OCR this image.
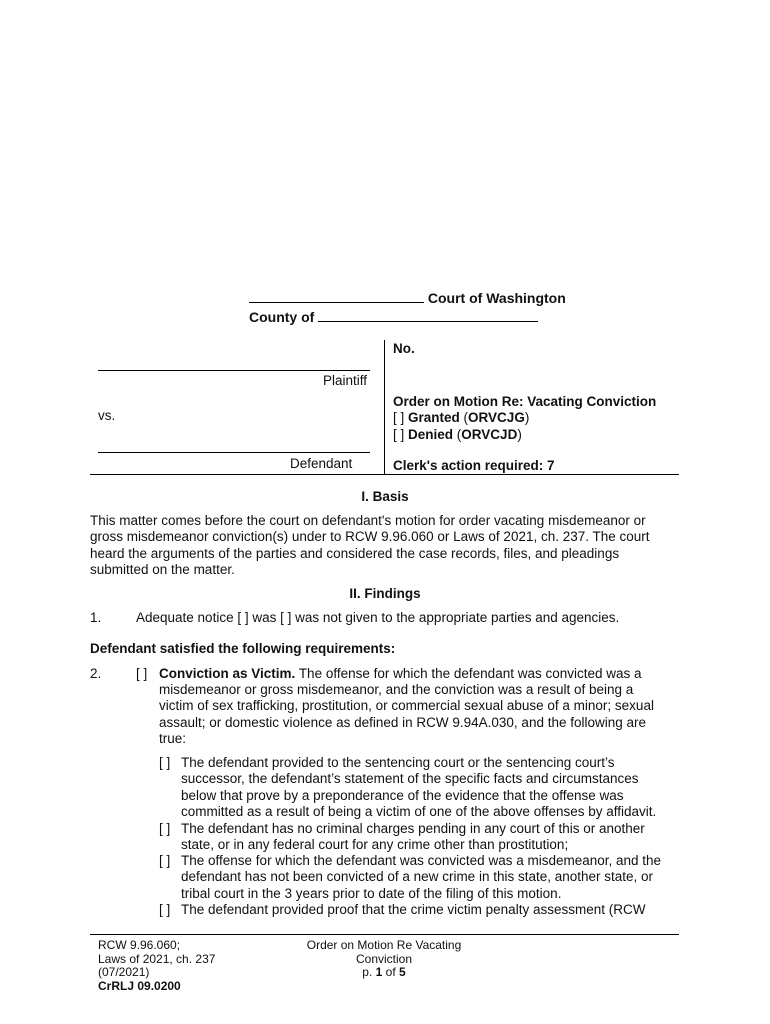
Court of Washington
County of
Plaintiff
vs.
Defendant
No.
Order on Motion Re: Vacating Conviction
[ ] Granted (ORVCJG)
[ ] Denied (ORVCJD)
Clerk's action required: 7
I. Basis
This matter comes before the court on defendant's motion for order vacating misdemeanor or
gross misdemeanor conviction(s) under to RCW 9.96.060 or Laws of 2021, ch. 237. The court
heard the arguments of the parties and considered the case records, files, and pleadings
submitted on the matter.
II. Findings
1.	Adequate notice [ ] was [ ] was not given to the appropriate parties and agencies.
Defendant satisfied the following requirements:
2.	[ ] Conviction as Victim. The offense for which the defendant was convicted was a
misdemeanor or gross misdemeanor, and the conviction was a result of being a
victim of sex trafficking, prostitution, or commercial sexual abuse of a minor; sexual
assault; or domestic violence as defined in RCW 9.94A.030, and the following are
true:
[ ] The defendant provided to the sentencing court or the sentencing court’s
successor, the defendant’s statement of the specific facts and circumstances
below that prove by a preponderance of the evidence that the offense was
committed as a result of being a victim of one of the above offenses by affidavit.
[ ] The defendant has no criminal charges pending in any court of this or another
state, or in any federal court for any crime other than prostitution;
[ ] The offense for which the defendant was convicted was a misdemeanor, and the
defendant has not been convicted of a new crime in this state, another state, or
tribal court in the 3 years prior to date of the filing of this motion.
[ ] The defendant provided proof that the crime victim penalty assessment (RCW
RCW 9.96.060;
Laws of 2021, ch. 237
(07/2021)
CrRLJ 09.0200
Order on Motion Re Vacating
Conviction
p. 1 of 5
